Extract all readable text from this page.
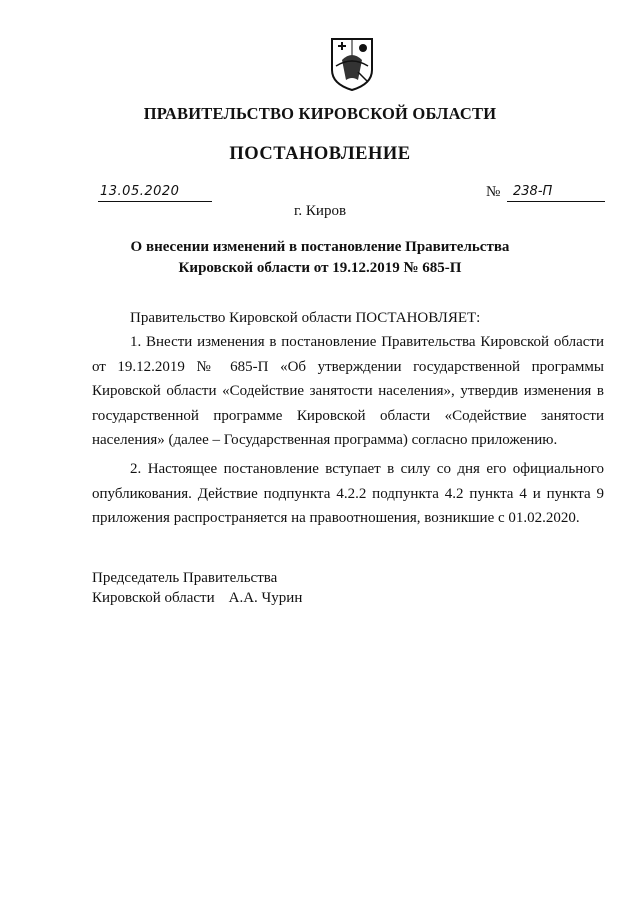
ПРАВИТЕЛЬСТВО КИРОВСКОЙ ОБЛАСТИ
ПОСТАНОВЛЕНИЕ
13.05.2020	№ 238-П
г. Киров
О внесении изменений в постановление Правительства
Кировской области от 19.12.2019 № 685-П
Правительство Кировской области ПОСТАНОВЛЯЕТ:
1. Внести изменения в постановление Правительства Кировской области от 19.12.2019 № 685-П «Об утверждении государственной программы Кировской области «Содействие занятости населения», утвердив изменения в государственной программе Кировской области «Содействие занятости населения» (далее – Государственная программа) согласно приложению.
2. Настоящее постановление вступает в силу со дня его официального опубликования. Действие подпункта 4.2.2 подпункта 4.2 пункта 4 и пункта 9 приложения распространяется на правоотношения, возникшие с 01.02.2020.
Председатель Правительства
Кировской области А.А. Чурин
